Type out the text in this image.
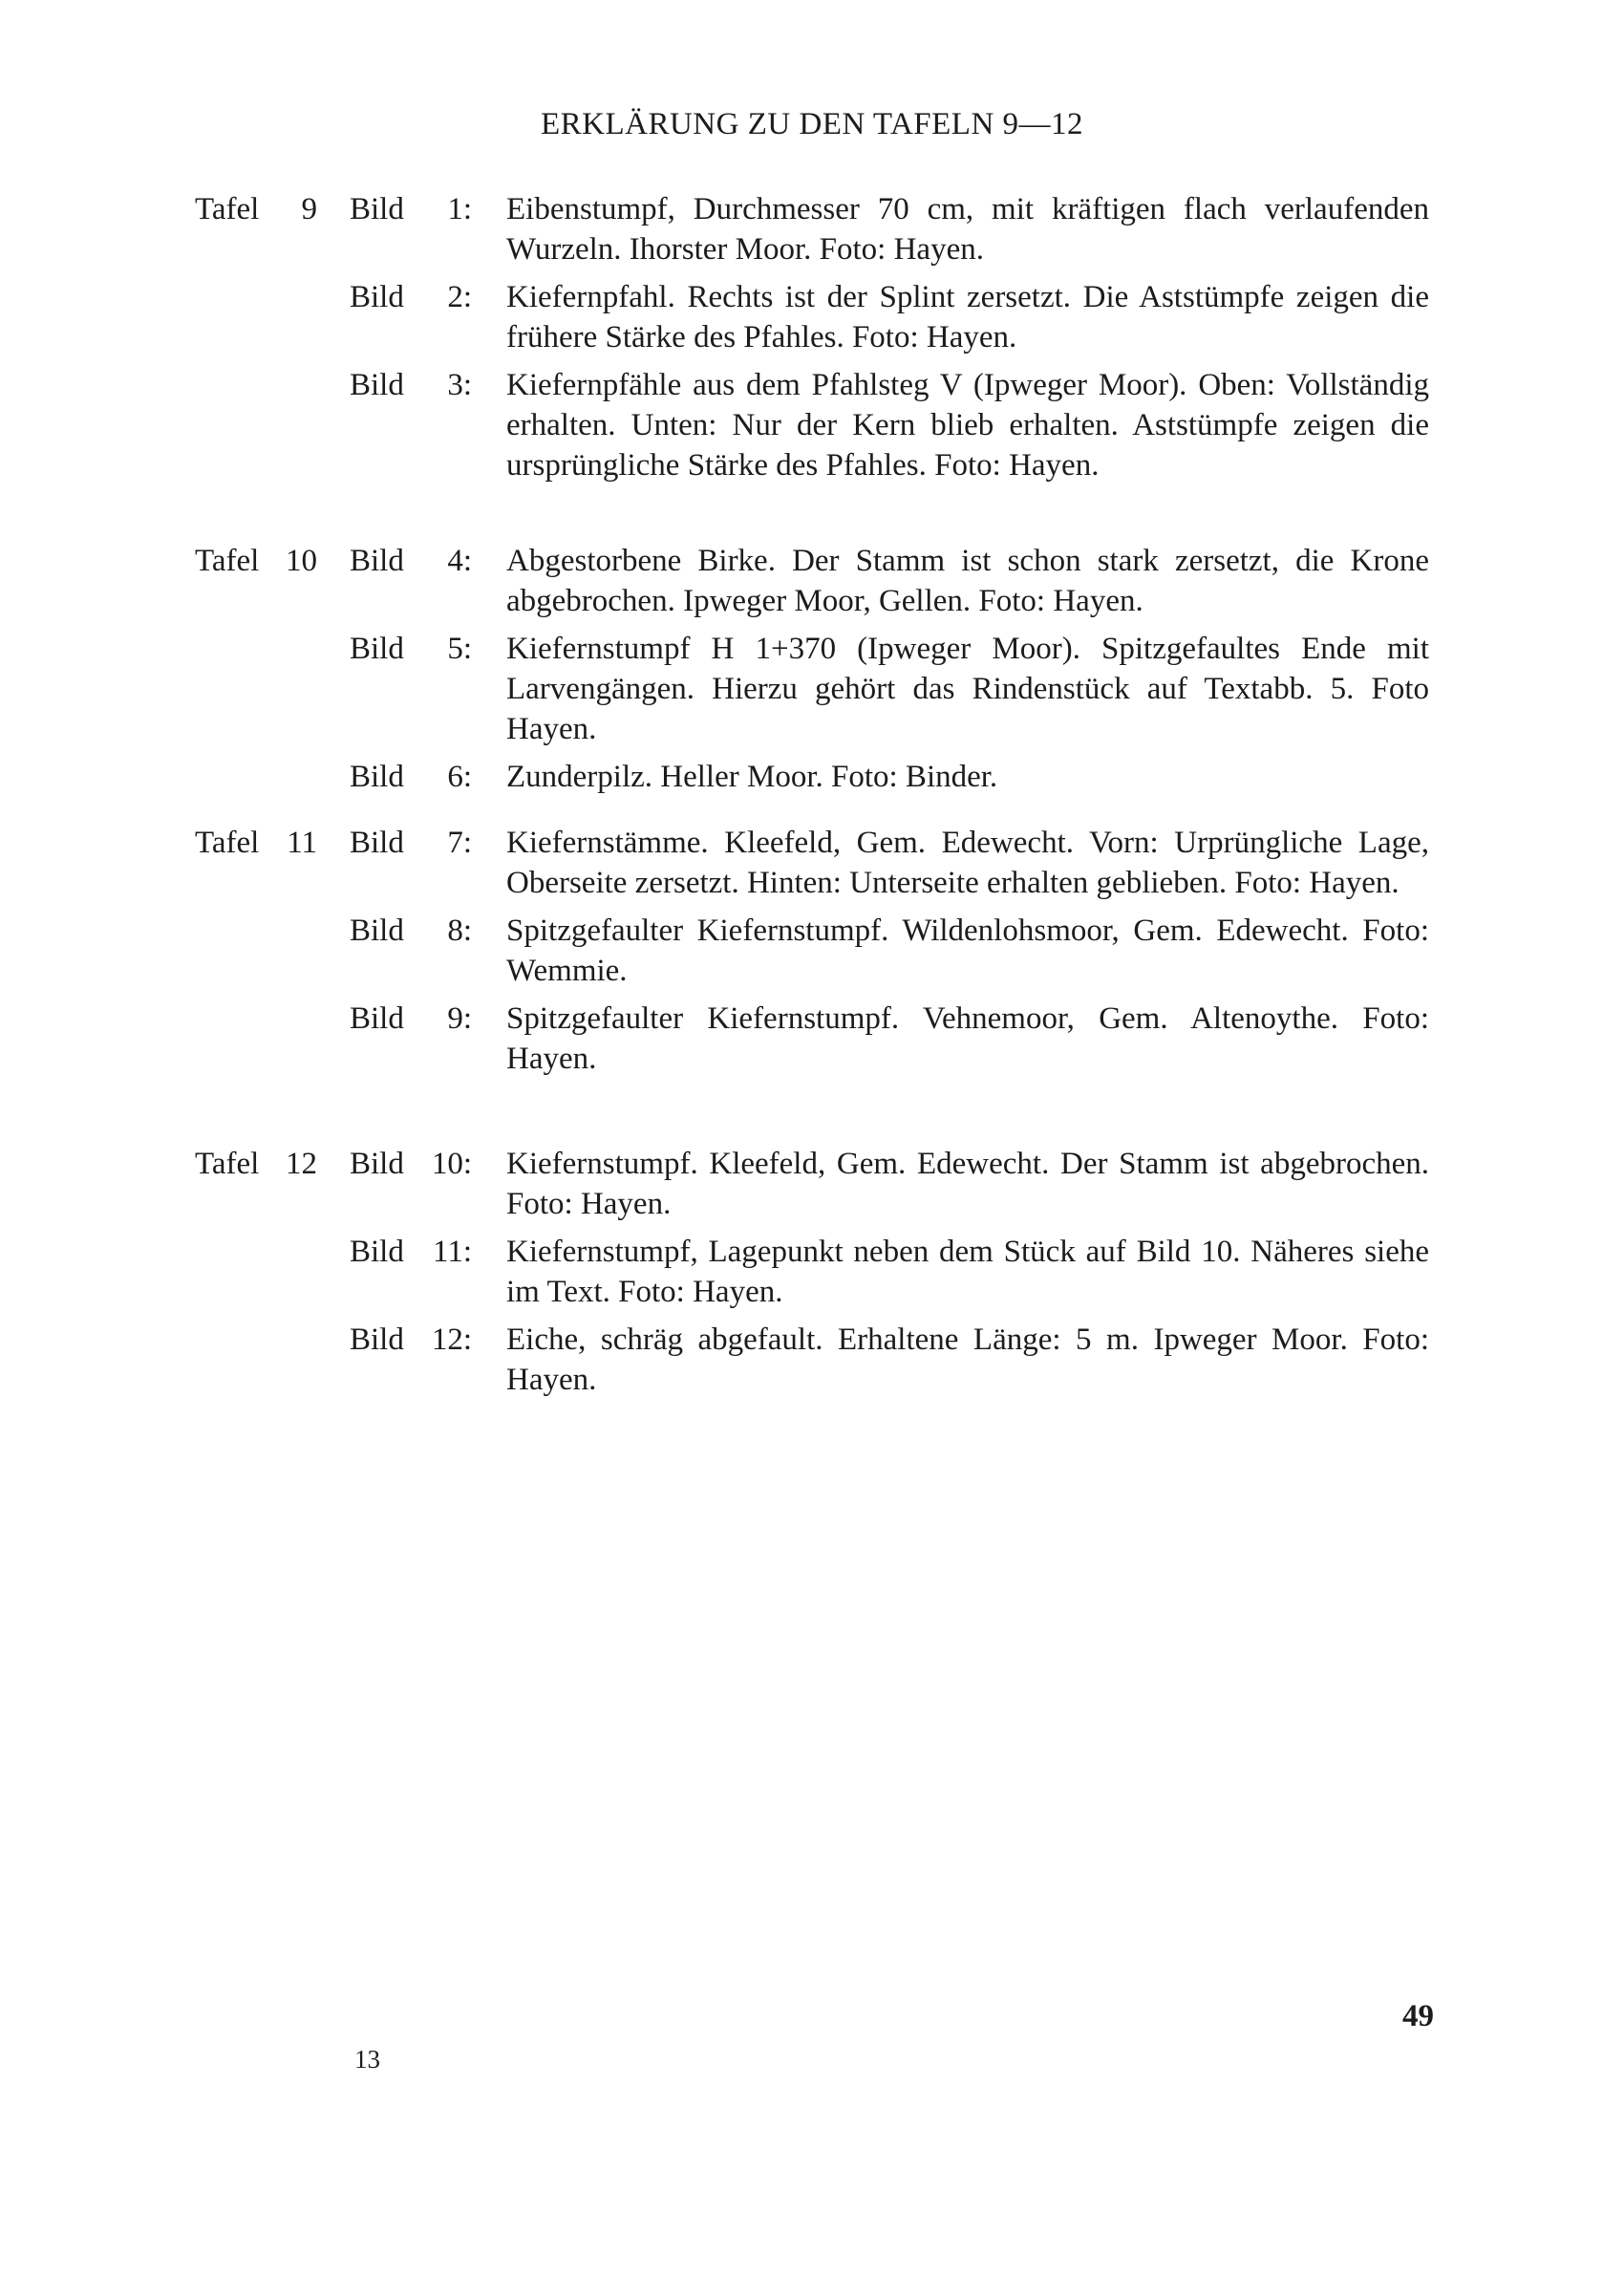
ERKLÄRUNG ZU DEN TAFELN 9—12
Tafel	9 Bild	1: Eibenstumpf, Durchmesser 70 cm, mit kräftigen flach verlaufenden Wurzeln. Ihorster Moor. Foto: Hayen.
Bild	2: Kiefernpfahl. Rechts ist der Splint zersetzt. Die Aststümpfe zeigen die frühere Stärke des Pfahles. Foto: Hayen.
Bild	3: Kiefernpfähle aus dem Pfahlsteg V (Ipweger Moor). Oben: Vollständig erhalten. Unten: Nur der Kern blieb erhalten. Aststümpfe zeigen die ursprüngliche Stärke des Pfahles. Foto: Hayen.
Tafel 10 Bild	4: Abgestorbene Birke. Der Stamm ist schon stark zersetzt, die Krone abgebrochen. Ipweger Moor, Gellen. Foto: Hayen.
Bild	5: Kiefernstumpf H 1+370 (Ipweger Moor). Spitzgefaultes Ende mit Larvengängen. Hierzu gehört das Rindenstück auf Textabb. 5. Foto Hayen.
Bild	6: Zunderpilz. Heller Moor. Foto: Binder.
Tafel 11 Bild	7: Kiefernstämme. Kleefeld, Gem. Edewecht. Vorn: Urprüngliche Lage, Oberseite zersetzt. Hinten: Unterseite erhalten geblieben. Foto: Hayen.
Bild	8: Spitzgefaulter Kiefernstumpf. Wildenlohsmoor, Gem. Edewecht. Foto: Wemmie.
Bild	9: Spitzgefaulter Kiefernstumpf. Vehnemoor, Gem. Altenoythe. Foto: Hayen.
Tafel 12 Bild 10: Kiefernstumpf. Kleefeld, Gem. Edewecht. Der Stamm ist abgebrochen. Foto: Hayen.
Bild 11: Kiefernstumpf, Lagepunkt neben dem Stück auf Bild 10. Näheres siehe im Text. Foto: Hayen.
Bild 12: Eiche, schräg abgefault. Erhaltene Länge: 5 m. Ipweger Moor. Foto: Hayen.
49
13
